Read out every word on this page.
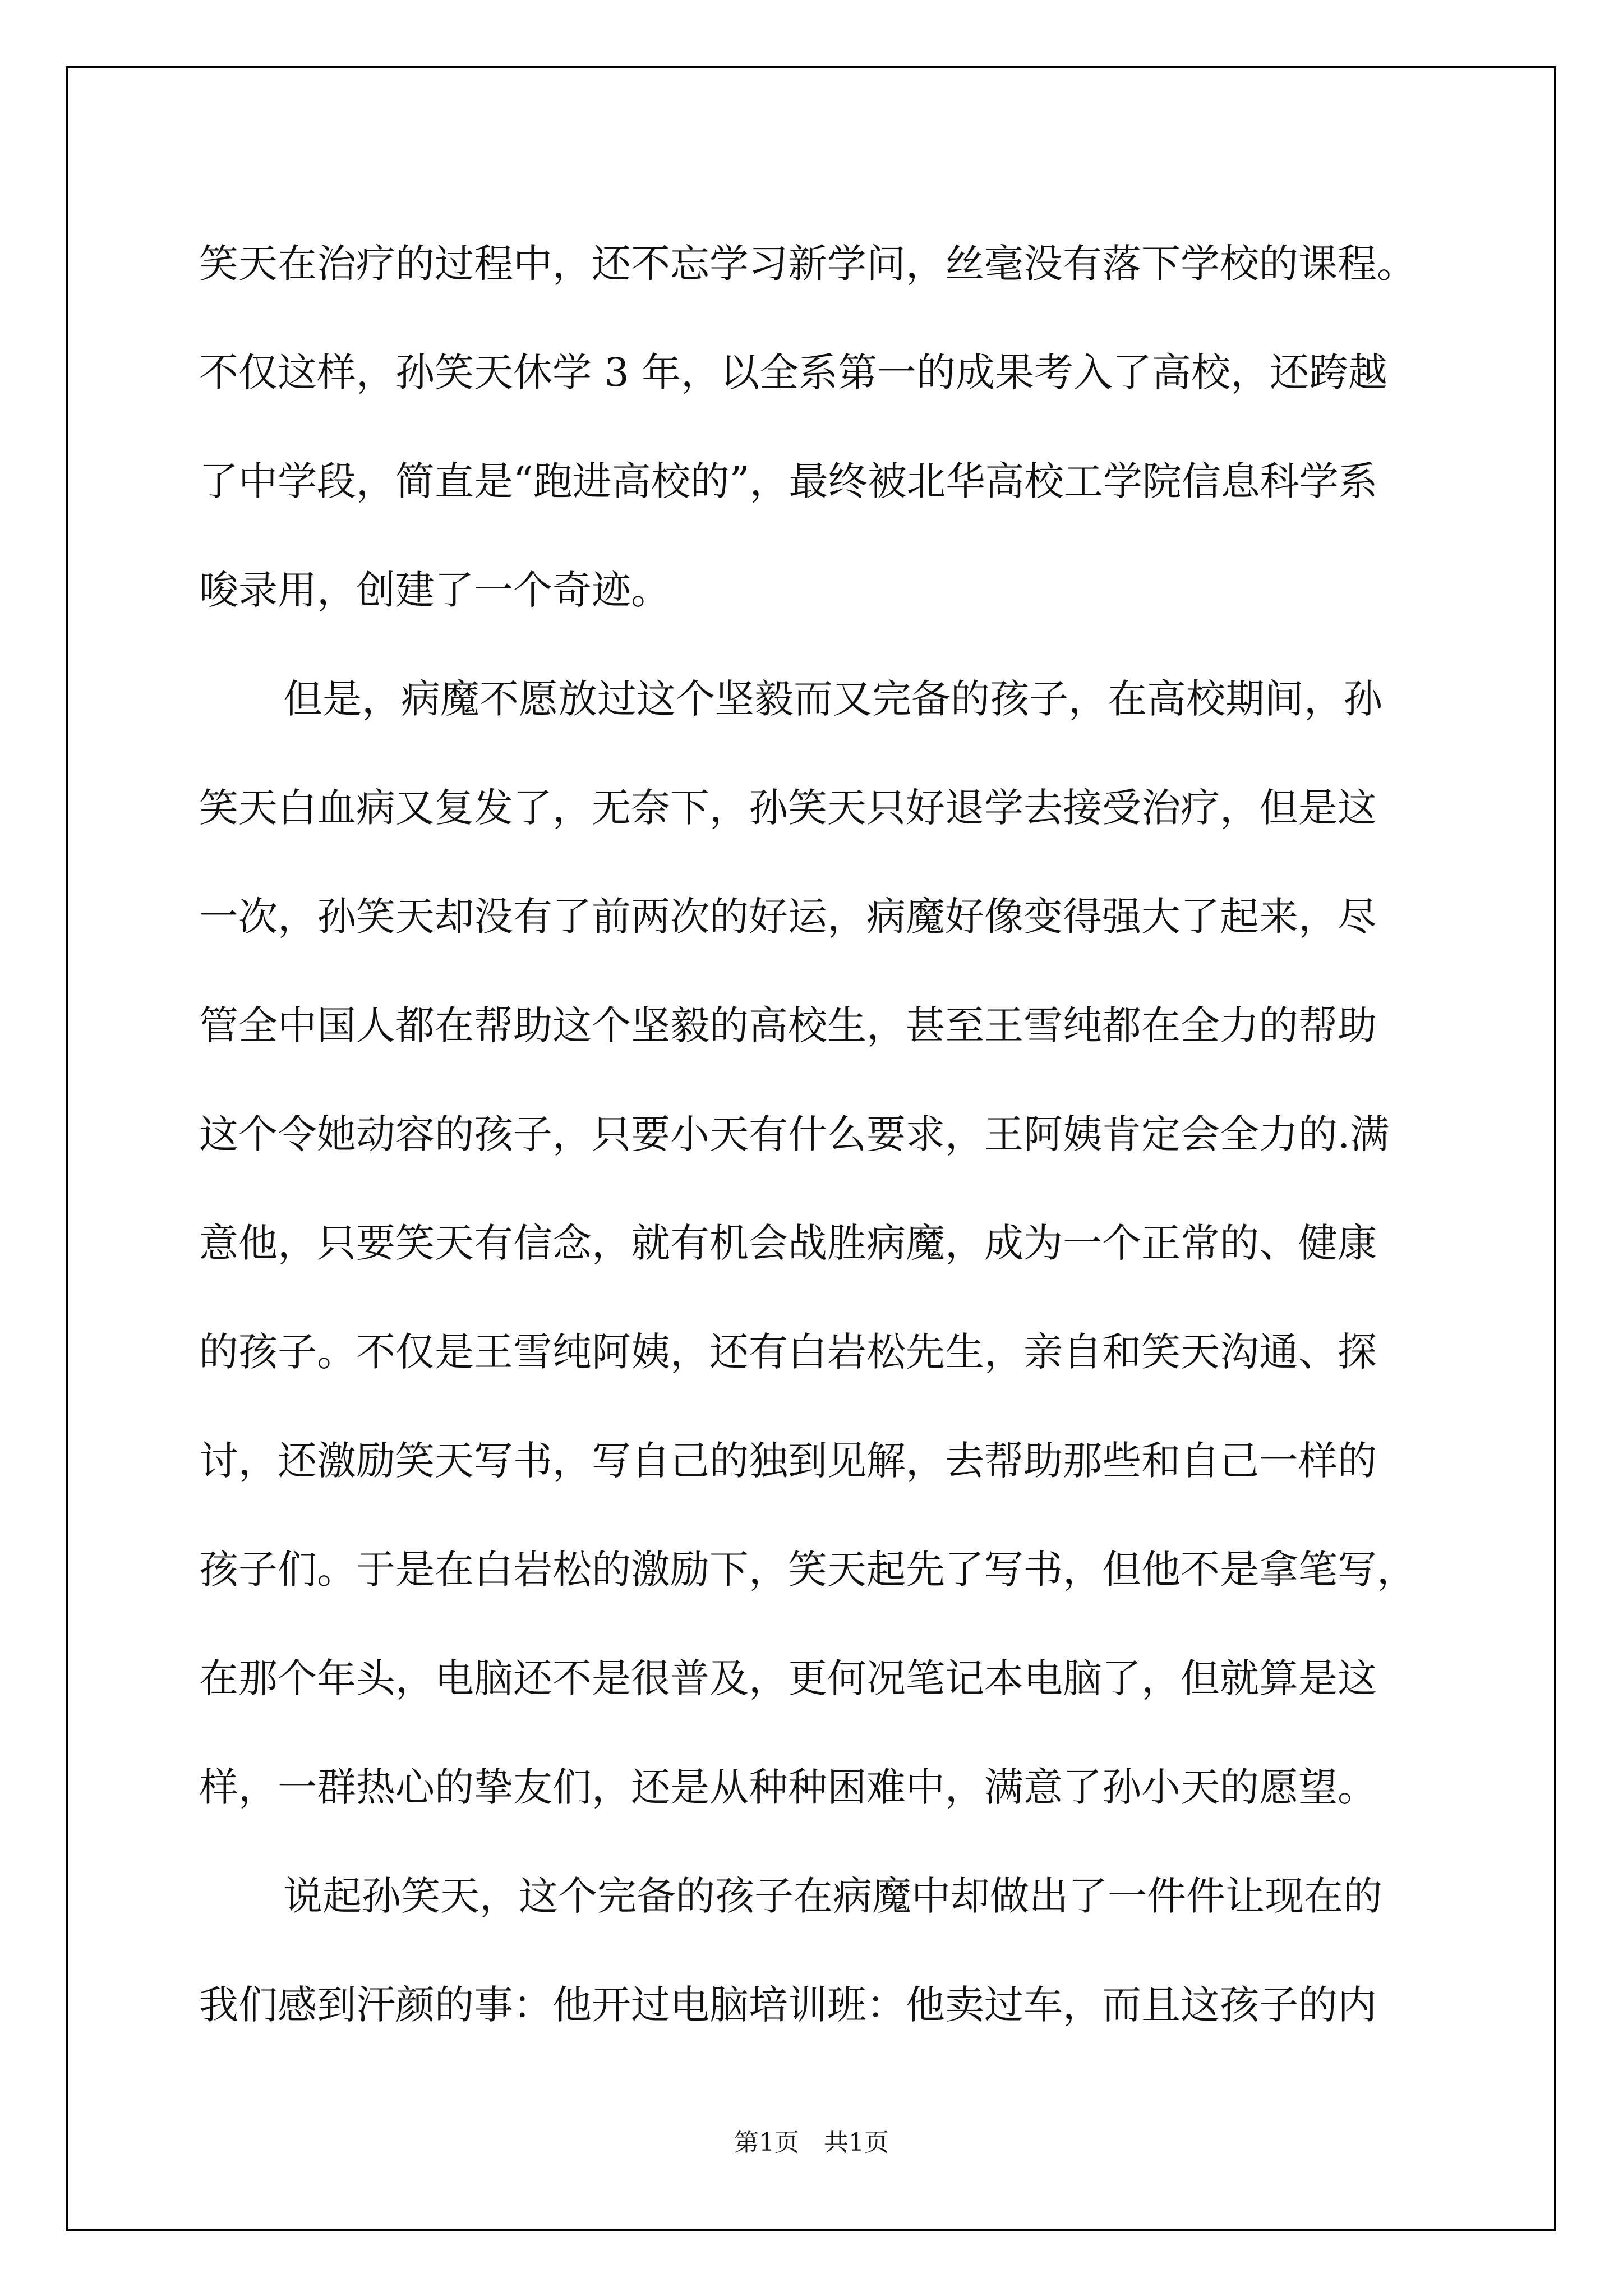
笑天在治疗的过程中，还不忘学习新学问，丝毫没有落下学校的课程。
不仅这样，孙笑天休学 3 年，以全系第一的成果考入了高校，还跨越
了中学段，简直是“跑进高校的”，最终被北华高校工学院信息科学系
唆录用，创建了一个奇迹。

但是，病魔不愿放过这个坚毅而又完备的孩子，在高校期间，孙
笑天白血病又复发了，无奈下，孙笑天只好退学去接受治疗，但是这
一次，孙笑天却没有了前两次的好运，病魔好像变得强大了起来，尽
管全中国人都在帮助这个坚毅的高校生，甚至王雪纯都在全力的帮助
这个令她动容的孩子，只要小天有什么要求，王阿姨肯定会全力的.满
意他，只要笑天有信念，就有机会战胜病魔，成为一个正常的、健康
的孩子。不仅是王雪纯阿姨，还有白岩松先生，亲自和笑天沟通、探
讨，还激励笑天写书，写自己的独到见解，去帮助那些和自己一样的
孩子们。于是在白岩松的激励下，笑天起先了写书，但他不是拿笔写，
在那个年头，电脑还不是很普及，更何况笔记本电脑了，但就算是这
样，一群热心的挚友们，还是从种种困难中，满意了孙小天的愿望。

说起孙笑天，这个完备的孩子在病魔中却做出了一件件让现在的
我们感到汗颜的事：他开过电脑培训班：他卖过车，而且这孩子的内

第1页　共1页
